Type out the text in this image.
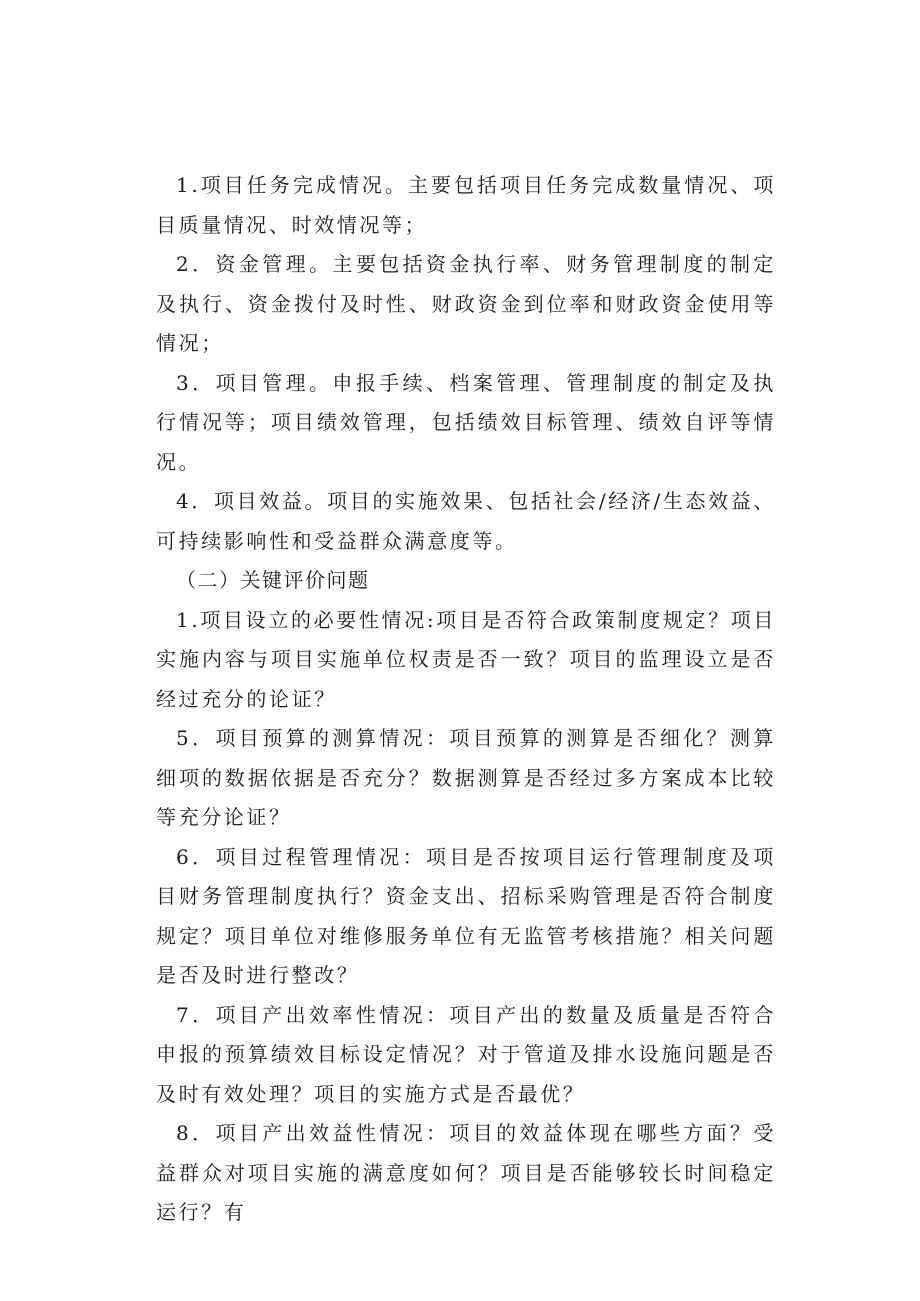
1.项目任务完成情况。主要包括项目任务完成数量情况、项目质量情况、时效情况等；

2．资金管理。主要包括资金执行率、财务管理制度的制定及执行、资金拨付及时性、财政资金到位率和财政资金使用等情况；

3．项目管理。申报手续、档案管理、管理制度的制定及执行情况等；项目绩效管理，包括绩效目标管理、绩效自评等情况。

4．项目效益。项目的实施效果、包括社会/经济/生态效益、可持续影响性和受益群众满意度等。

（二）关键评价问题

1.项目设立的必要性情况:项目是否符合政策制度规定？项目实施内容与项目实施单位权责是否一致？项目的监理设立是否经过充分的论证？

5．项目预算的测算情况：项目预算的测算是否细化？测算细项的数据依据是否充分？数据测算是否经过多方案成本比较等充分论证？

6．项目过程管理情况：项目是否按项目运行管理制度及项目财务管理制度执行？资金支出、招标采购管理是否符合制度规定？项目单位对维修服务单位有无监管考核措施？相关问题是否及时进行整改？

7．项目产出效率性情况：项目产出的数量及质量是否符合申报的预算绩效目标设定情况？对于管道及排水设施问题是否及时有效处理？项目的实施方式是否最优？

8．项目产出效益性情况：项目的效益体现在哪些方面？受益群众对项目实施的满意度如何？项目是否能够较长时间稳定运行？有
